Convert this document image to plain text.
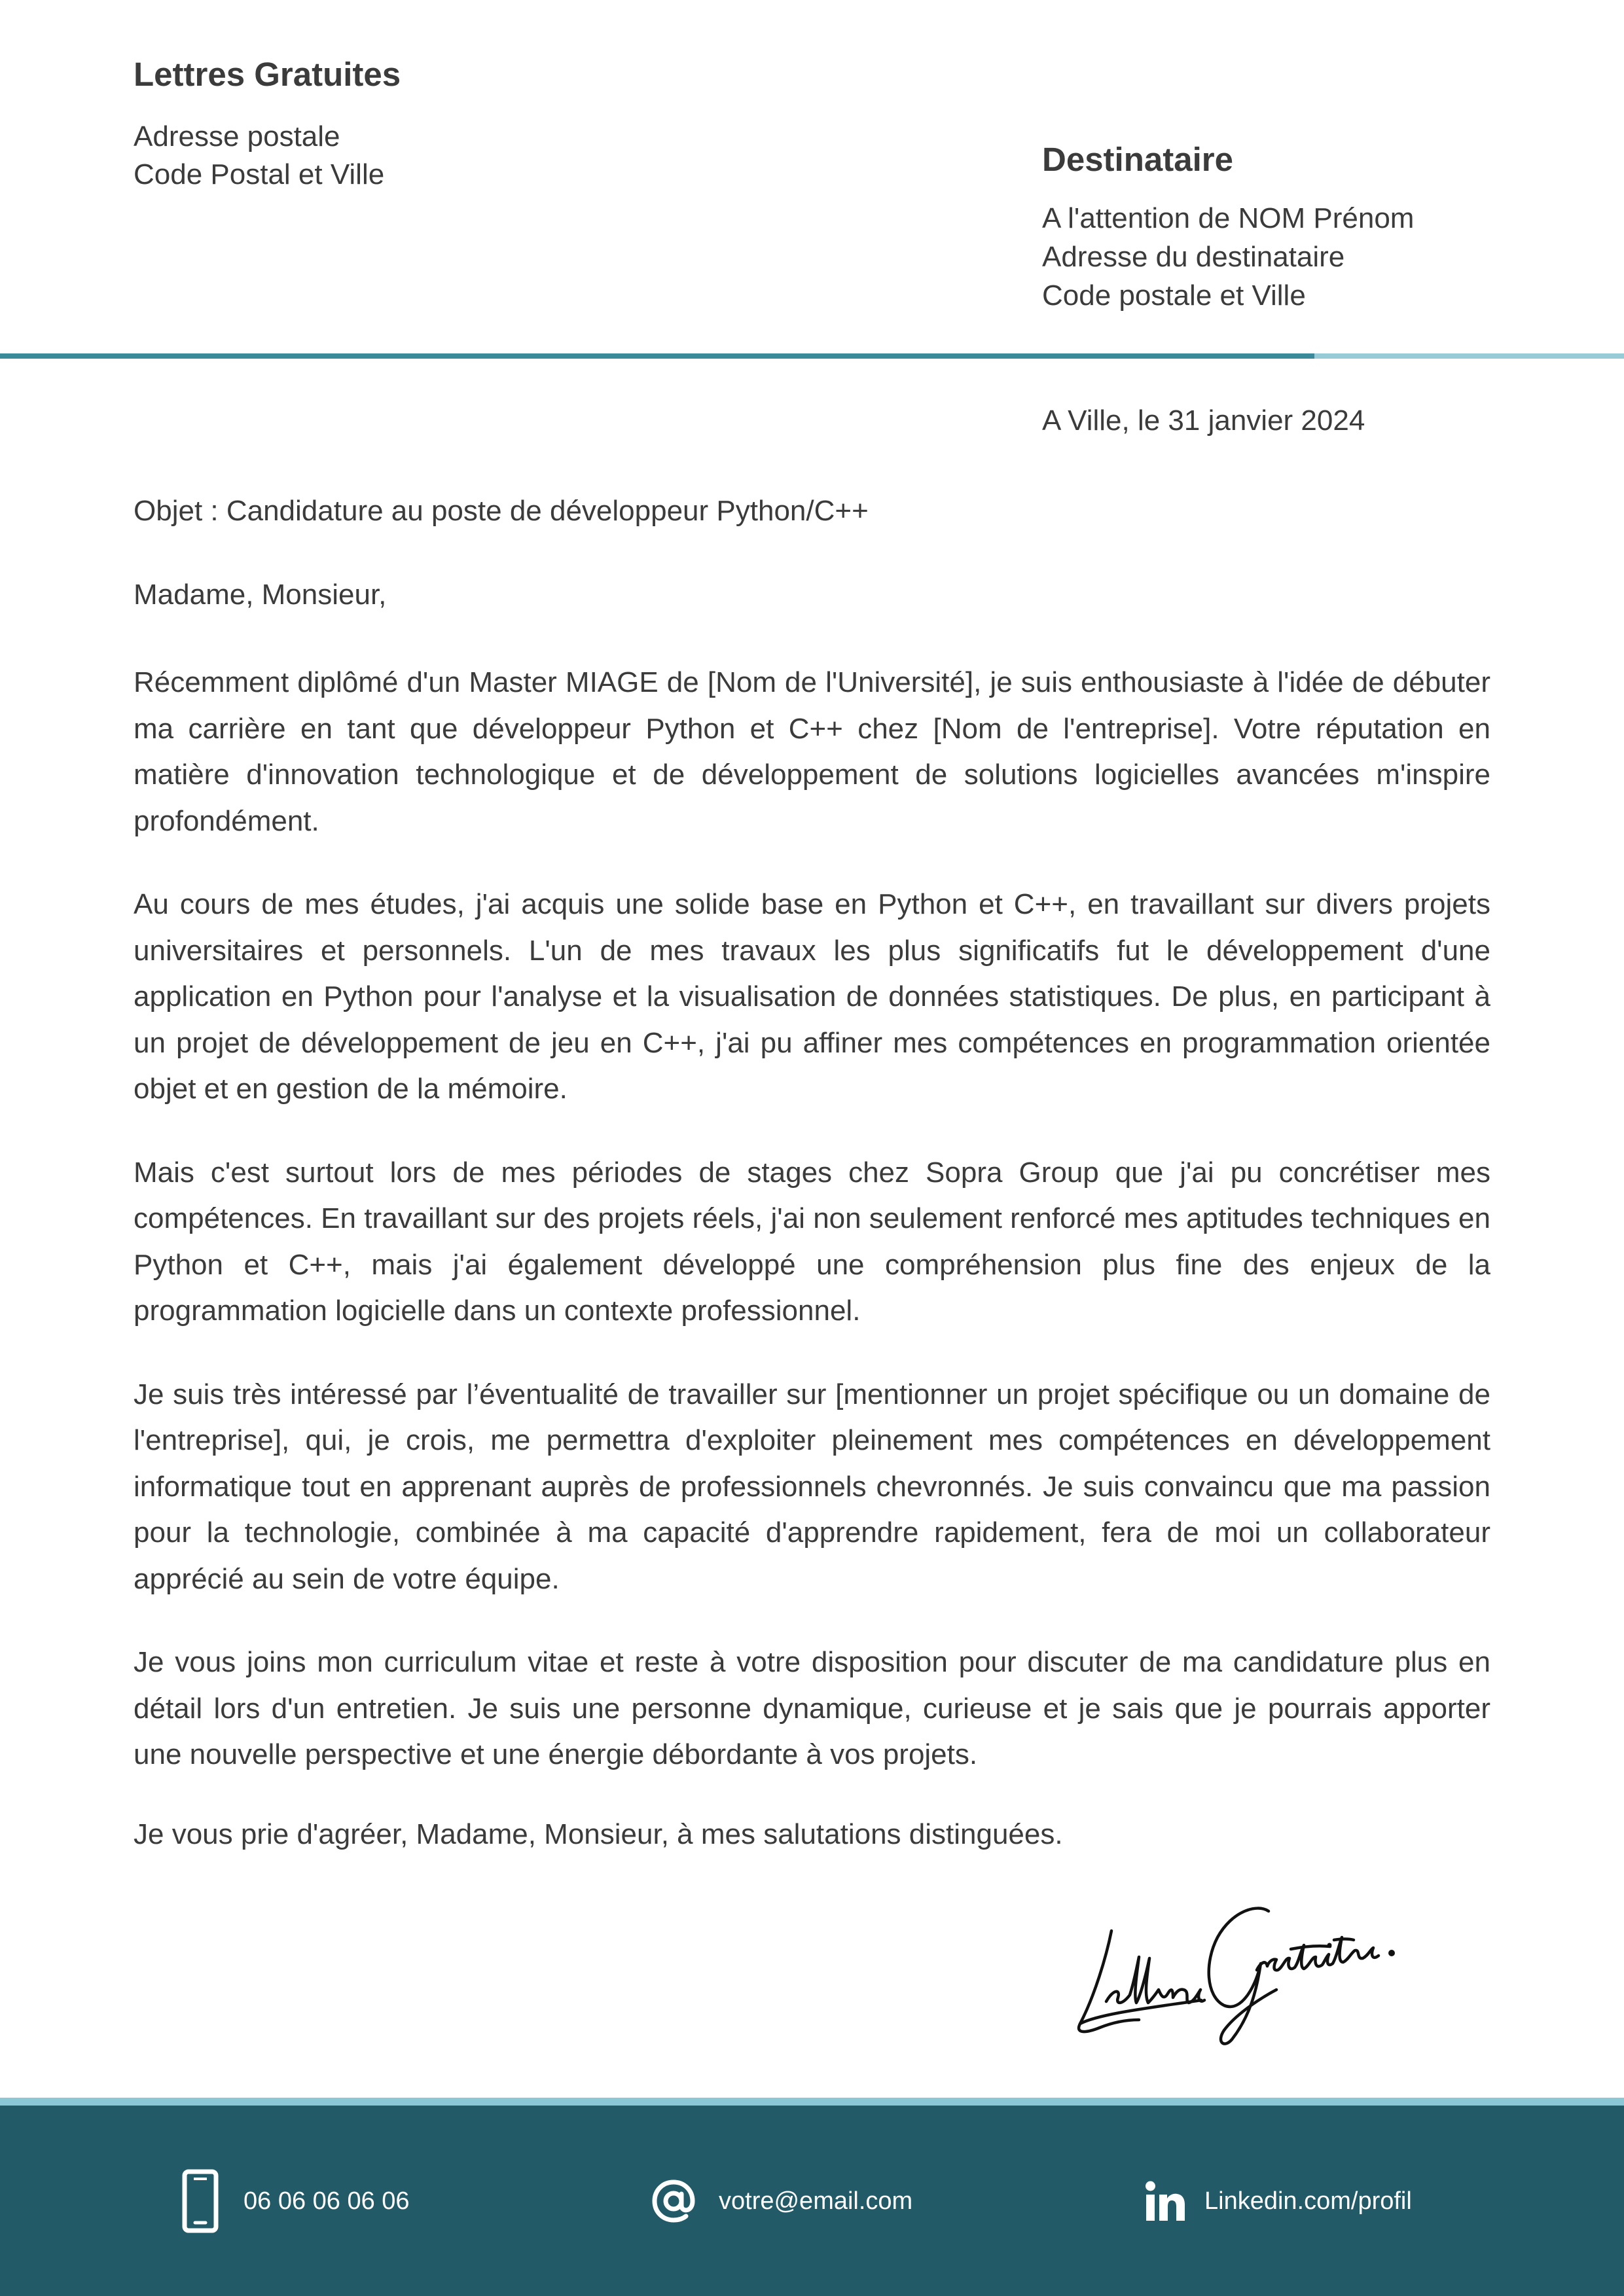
Lettres Gratuites
Adresse postale
Code Postal et Ville	Destinataire
A l'attention de NOM Prénom
Adresse du destinataire
Code postale et Ville
A Ville, le 31 janvier 2024

Objet : Candidature au poste de développeur Python/C++

Madame, Monsieur,

Récemment diplômé d'un Master MIAGE de [Nom de l'Université], je suis enthousiaste à l'idée de débuter ma carrière en tant que développeur Python et C++ chez [Nom de l'entreprise]. Votre réputation en matière d'innovation technologique et de développement de solutions logicielles avancées m'inspire profondément.

Au cours de mes études, j'ai acquis une solide base en Python et C++, en travaillant sur divers projets universitaires et personnels. L'un de mes travaux les plus significatifs fut le développement d'une application en Python pour l'analyse et la visualisation de données statistiques. De plus, en participant à un projet de développement de jeu en C++, j'ai pu affiner mes compétences en programmation orientée objet et en gestion de la mémoire.

Mais c'est surtout lors de mes périodes de stages chez Sopra Group que j'ai pu concrétiser mes compétences. En travaillant sur des projets réels, j'ai non seulement renforcé mes aptitudes techniques en Python et C++, mais j'ai également développé une compréhension plus fine des enjeux de la programmation logicielle dans un contexte professionnel.

Je suis très intéressé par l’éventualité de travailler sur [mentionner un projet spécifique ou un domaine de l'entreprise], qui, je crois, me permettra d'exploiter pleinement mes compétences en développement informatique tout en apprenant auprès de professionnels chevronnés. Je suis convaincu que ma passion pour la technologie, combinée à ma capacité d'apprendre rapidement, fera de moi un collaborateur apprécié au sein de votre équipe.

Je vous joins mon curriculum vitae et reste à votre disposition pour discuter de ma candidature plus en détail lors d'un entretien. Je suis une personne dynamique, curieuse et je sais que je pourrais apporter une nouvelle perspective et une énergie débordante à vos projets.

Je vous prie d'agréer, Madame, Monsieur, à mes salutations distinguées.

06 06 06 06 06	votre@email.com	Linkedin.com/profil
